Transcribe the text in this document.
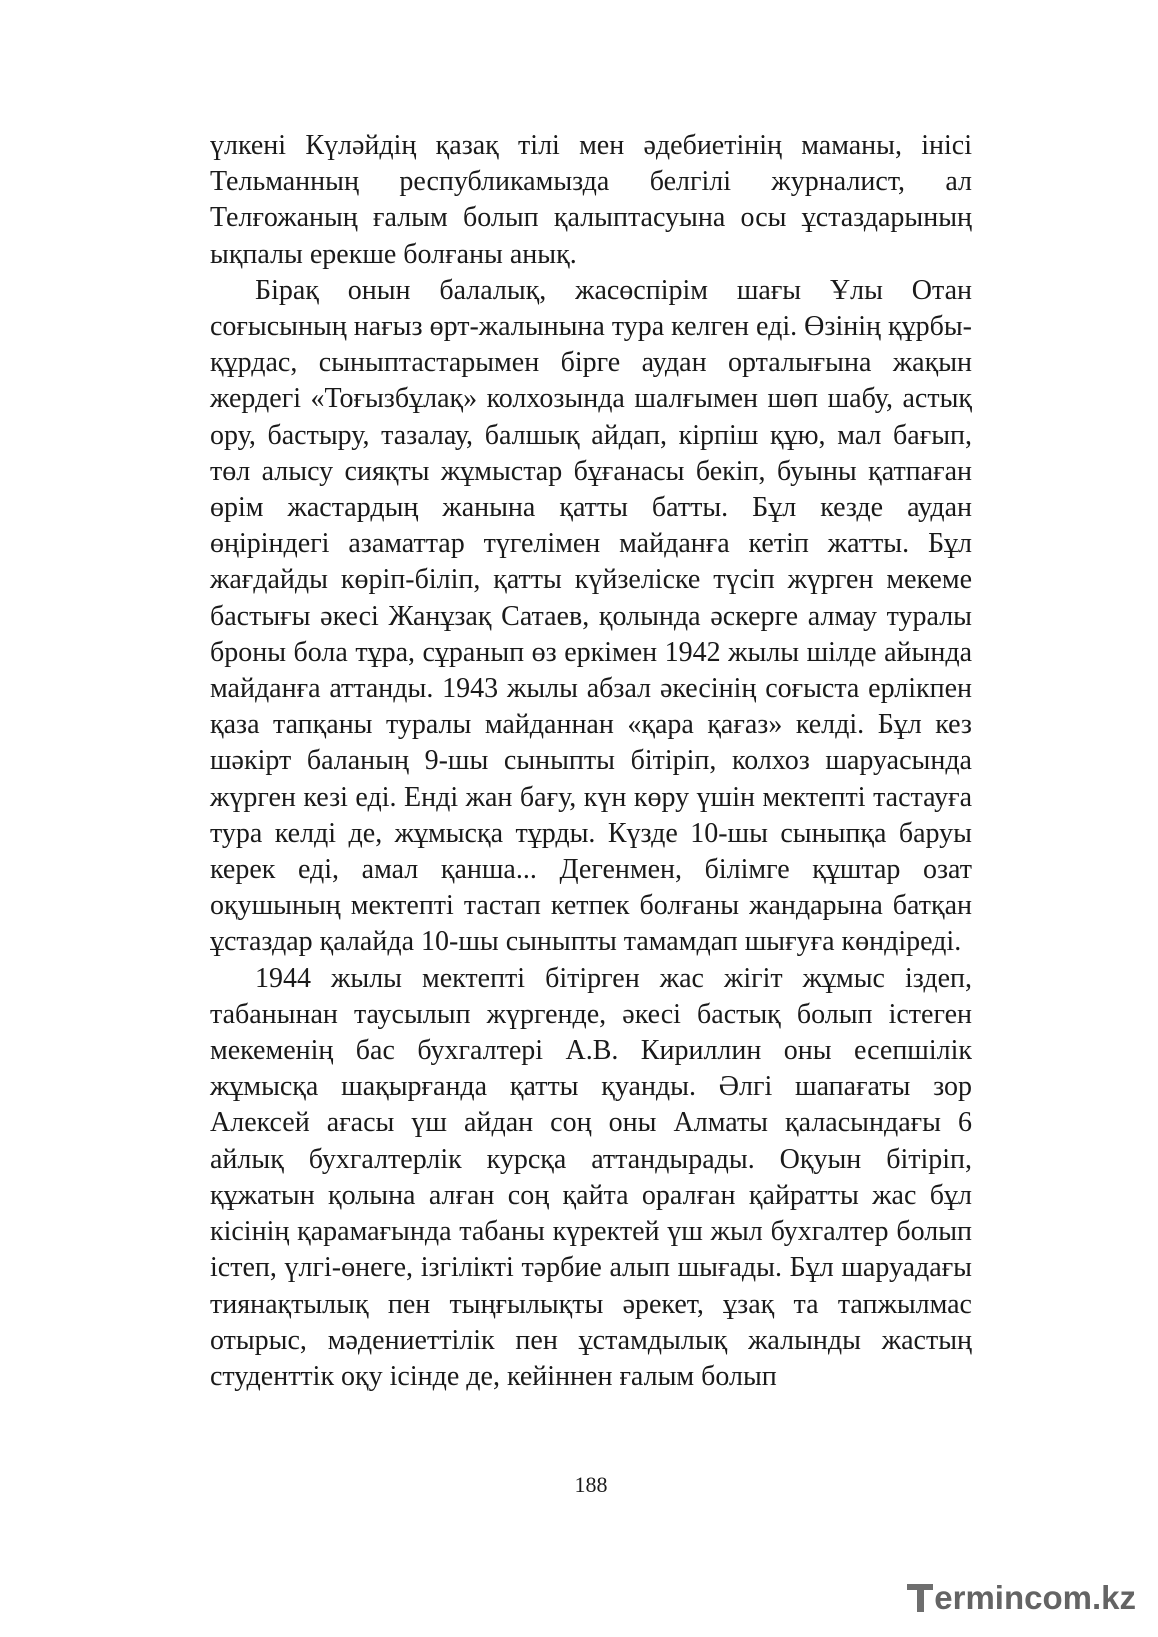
үлкені Күләйдің қазақ тілі мен әдебиетінің маманы, інісі Тельманның республикамызда белгілі журналист, ал Телғожаның ғалым болып қалыптасуына осы ұстаздарының ықпалы ерекше болғаны анық.

Бірақ онын балалық, жасөспірім шағы Ұлы Отан соғысының нағыз өрт-жалынына тура келген еді. Өзінің құрбы-құрдас, сыныптастарымен бірге аудан орталығына жақын жердегі «Тоғызбұлақ» колхозында шалғымен шөп шабу, астық ору, бастыру, тазалау, балшық айдап, кірпіш құю, мал бағып, төл алысу сияқты жұмыстар бұғанасы бекіп, буыны қатпаған өрім жастардың жанына қатты батты. Бұл кезде аудан өңіріндегі азаматтар түгелімен майданға кетіп жатты. Бұл жағдайды көріп-біліп, қатты күйзеліске түсіп жүрген мекеме бастығы әкесі Жанұзақ Сатаев, қолында әскерге алмау туралы броны бола тұра, сұранып өз еркімен 1942 жылы шілде айында майданға аттанды. 1943 жылы абзал әкесінің соғыста ерлікпен қаза тапқаны туралы майданнан «қара қағаз» келді. Бұл кез шәкірт баланың 9-шы сыныпты бітіріп, колхоз шаруасында жүрген кезі еді. Енді жан бағу, күн көру үшін мектепті тастауға тура келді де, жұмысқа тұрды. Күзде 10-шы сыныпқа баруы керек еді, амал қанша... Дегенмен, білімге құштар озат оқушының мектепті тастап кетпек болғаны жандарына батқан ұстаздар қалайда 10-шы сыныпты тамамдап шығуға көндіреді.

1944 жылы мектепті бітірген жас жігіт жұмыс іздеп, табанынан таусылып жүргенде, әкесі бастық болып істеген мекеменің бас бухгалтері А.В. Кириллин оны есепшілік жұмысқа шақырғанда қатты қуанды. Әлгі шапағаты зор Алексей ағасы үш айдан соң оны Алматы қаласындағы 6 айлық бухгалтерлік курсқа аттандырады. Оқуын бітіріп, құжатын қолына алған соң қайта оралған қайратты жас бұл кісінің қарамағында табаны күректей үш жыл бухгалтер болып істеп, үлгі-өнеге, ізгілікті тәрбие алып шығады. Бұл шаруадағы тиянақтылық пен тыңғылықты әрекет, ұзақ та тапжылмас отырыс, мәдениеттілік пен ұстамдылық жалынды жастың студенттік оқу ісінде де, кейіннен ғалым болып

188
ermincom.kz
